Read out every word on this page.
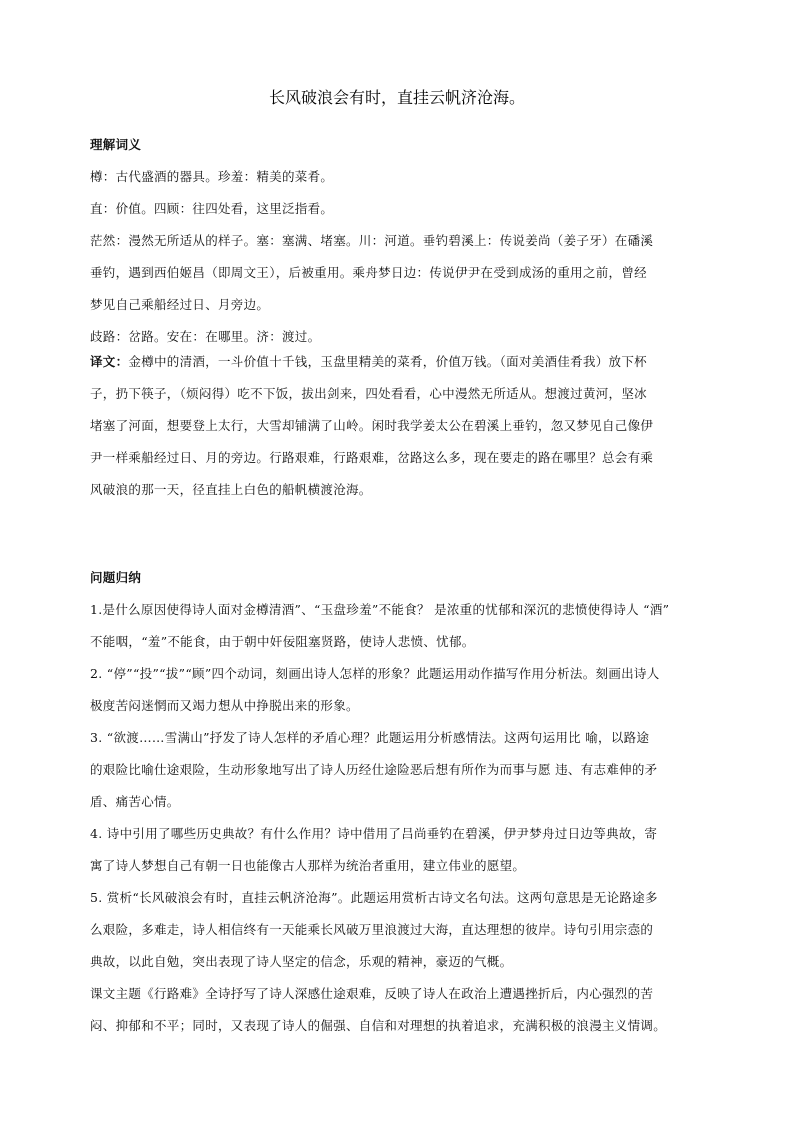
长风破浪会有时，直挂云帆济沧海。

理解词义

樽：古代盛酒的器具。珍羞：精美的菜肴。

直：价值。四顾：往四处看，这里泛指看。

茫然：漫然无所适从的样子。塞：塞满、堵塞。川：河道。垂钓碧溪上：传说姜尚（姜子牙）在磻溪

垂钓，遇到西伯姬昌（即周文王），后被重用。乘舟梦日边：传说伊尹在受到成汤的重用之前，曾经

梦见自己乘船经过日、月旁边。

歧路：岔路。安在：在哪里。济：渡过。

译文：金樽中的清酒，一斗价值十千钱，玉盘里精美的菜肴，价值万钱。（面对美酒佳肴我）放下杯

子，扔下筷子，（烦闷得）吃不下饭，拔出剑来，四处看看，心中漫然无所适从。想渡过黄河，坚冰

堵塞了河面，想要登上太行，大雪却铺满了山岭。闲时我学姜太公在碧溪上垂钓，忽又梦见自己像伊

尹一样乘船经过日、月的旁边。行路艰难，行路艰难，岔路这么多，现在要走的路在哪里？总会有乘

风破浪的那一天，径直挂上白色的船帆横渡沧海。

问题归纳

1.是什么原因使得诗人面对金樽清酒”、“玉盘珍羞”不能食？ 是浓重的忧郁和深沉的悲愤使得诗人 “酒”

不能咽，“羞”不能食，由于朝中奸佞阻塞贤路，使诗人悲愤、忧郁。

2. “停”“投”“拔”“顾”四个动词，刻画出诗人怎样的形象？此题运用动作描写作用分析法。刻画出诗人

极度苦闷迷惘而又竭力想从中挣脱出来的形象。

3. “欲渡……雪满山”抒发了诗人怎样的矛盾心理？此题运用分析感情法。这两句运用比 喻，以路途

的艰险比喻仕途艰险，生动形象地写出了诗人历经仕途险恶后想有所作为而事与愿 违、有志难伸的矛

盾、痛苦心情。

4. 诗中引用了哪些历史典故？有什么作用？诗中借用了吕尚垂钓在碧溪，伊尹梦舟过日边等典故，寄

寓了诗人梦想自己有朝一日也能像古人那样为统治者重用，建立伟业的愿望。

5. 赏析“长风破浪会有时，直挂云帆济沧海”。此题运用赏析古诗文名句法。这两句意思是无论路途多

么艰险，多难走，诗人相信终有一天能乘长风破万里浪渡过大海，直达理想的彼岸。诗句引用宗悫的

典故，以此自勉，突出表现了诗人坚定的信念，乐观的精神，豪迈的气概。

课文主题《行路难》全诗抒写了诗人深感仕途艰难，反映了诗人在政治上遭遇挫折后，内心强烈的苦

闷、抑郁和不平；同时，又表现了诗人的倔强、自信和对理想的执着追求，充满积极的浪漫主义情调。
